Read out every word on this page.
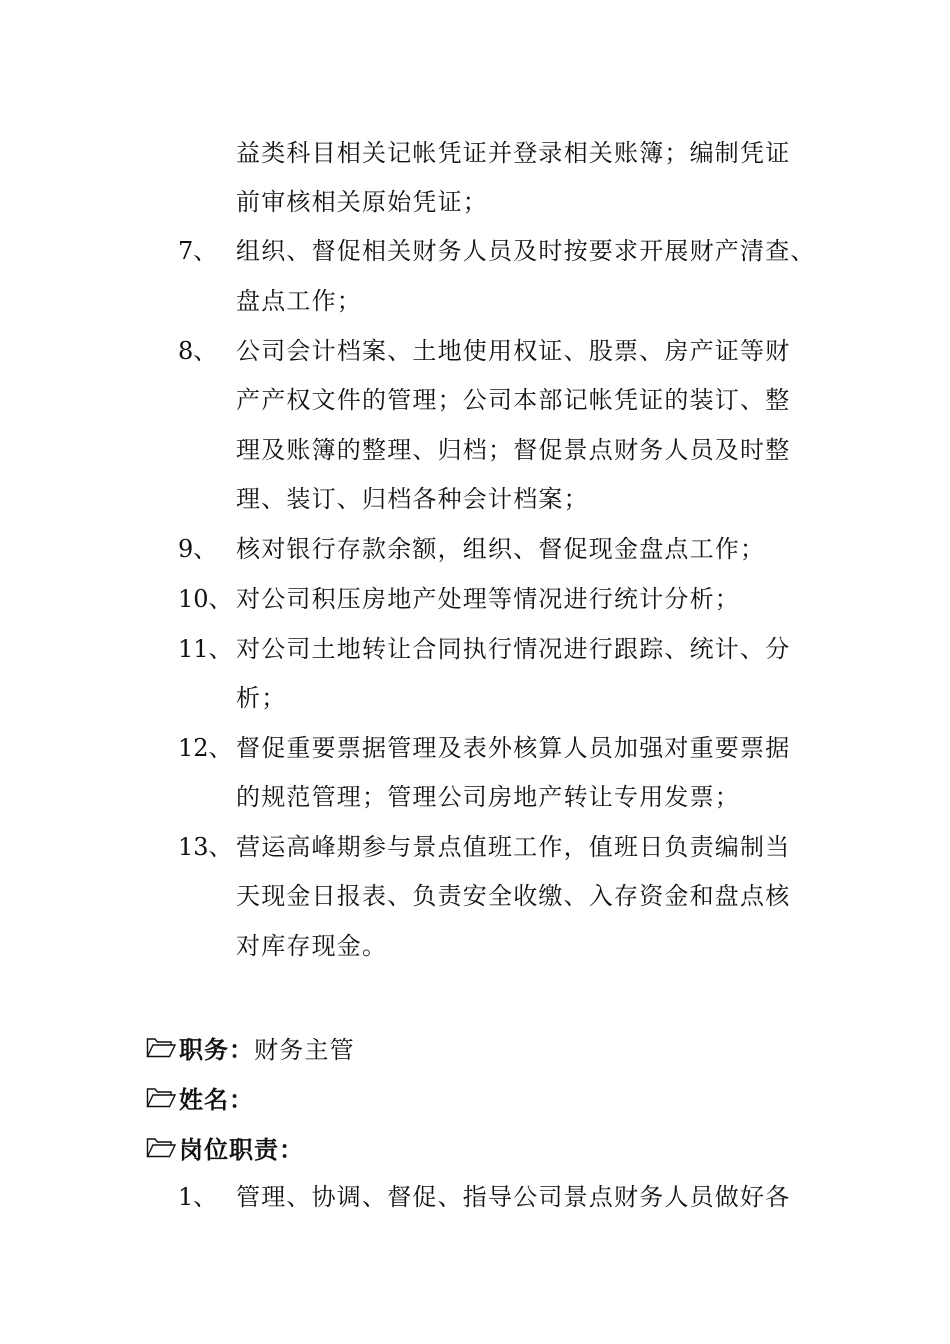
益类科目相关记帐凭证并登录相关账簿；编制凭证
前审核相关原始凭证；
7、 组织、督促相关财务人员及时按要求开展财产清查、
盘点工作；
8、 公司会计档案、土地使用权证、股票、房产证等财
产产权文件的管理；公司本部记帐凭证的装订、整
理及账簿的整理、归档；督促景点财务人员及时整
理、装订、归档各种会计档案；
9、 核对银行存款余额，组织、督促现金盘点工作；
10、 对公司积压房地产处理等情况进行统计分析；
11、 对公司土地转让合同执行情况进行跟踪、统计、分
析；
12、 督促重要票据管理及表外核算人员加强对重要票据
的规范管理；管理公司房地产转让专用发票；
13、 营运高峰期参与景点值班工作，值班日负责编制当
天现金日报表、负责安全收缴、入存资金和盘点核
对库存现金。
职务： 财务主管
姓名：
岗位职责：
1、 管理、协调、督促、指导公司景点财务人员做好各
